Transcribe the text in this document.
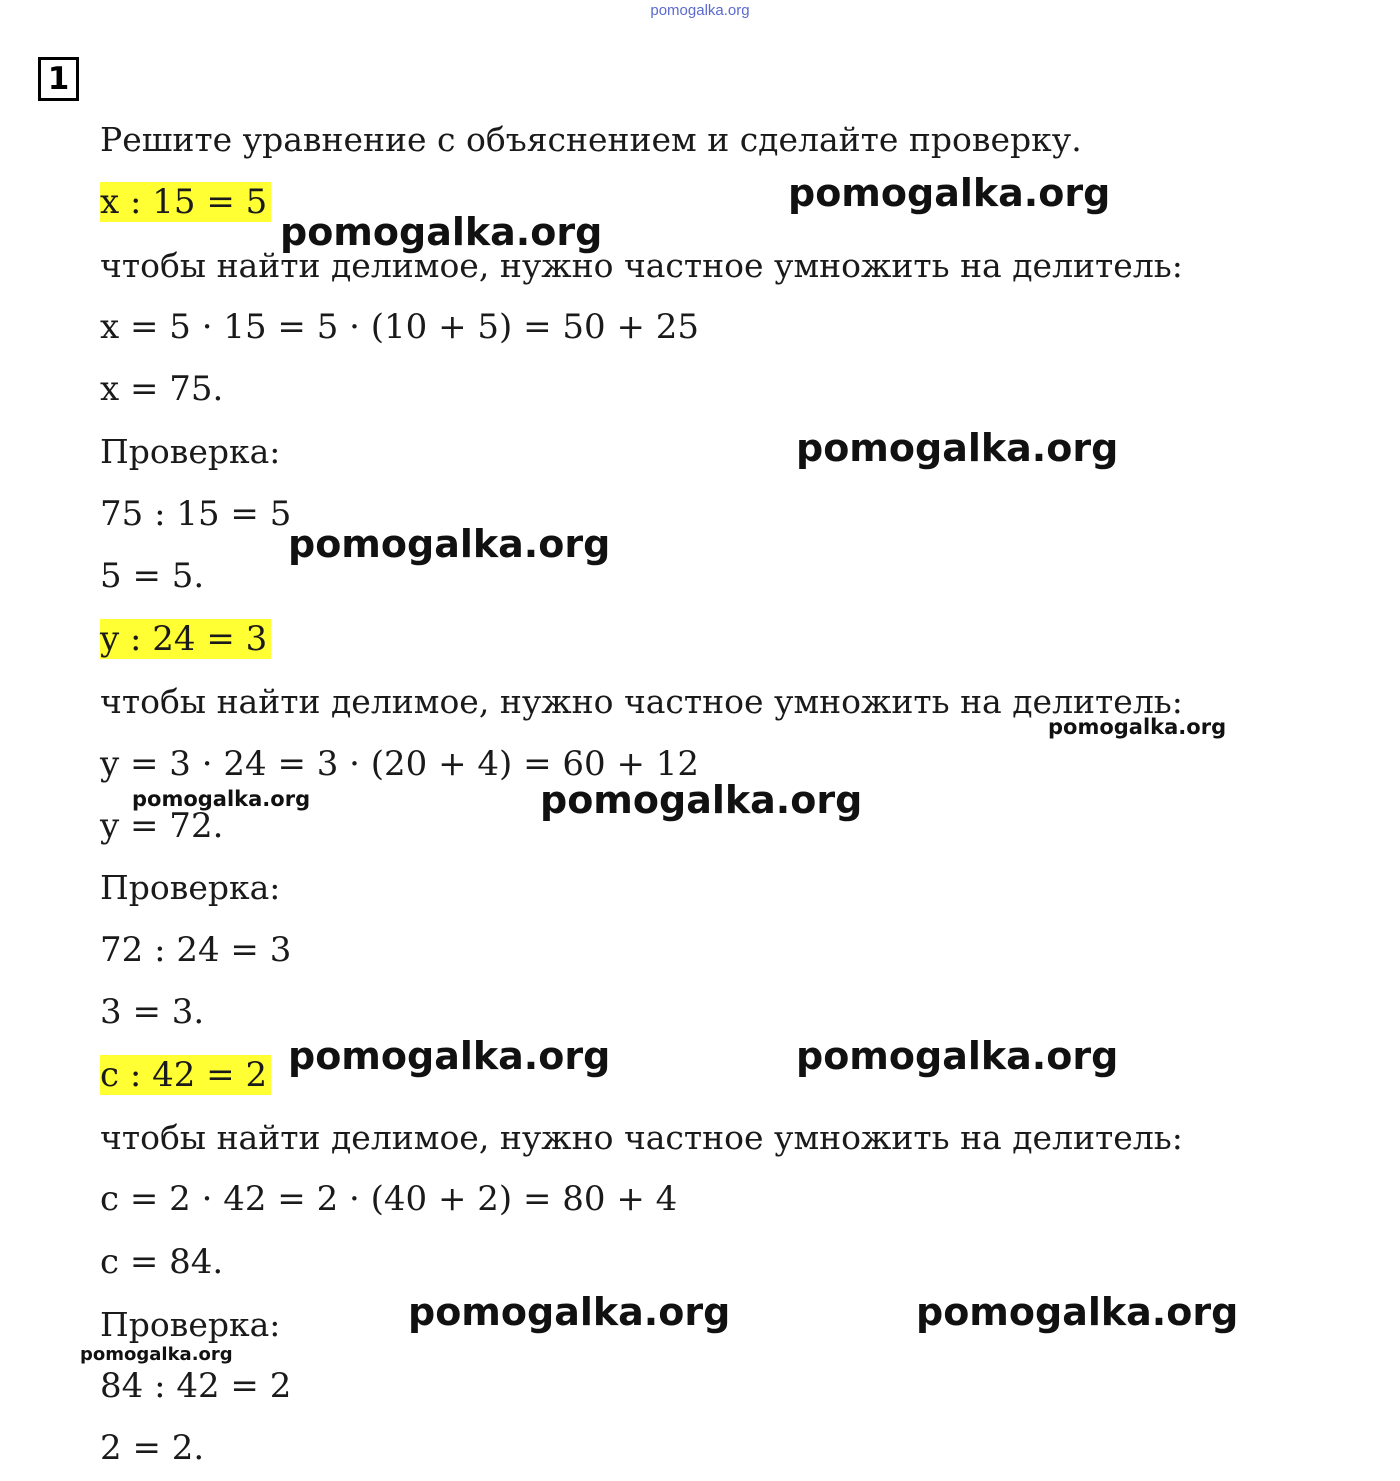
pomogalka.org
1
Решите уравнение с объяснением и сделайте проверку.
x : 15 = 5
чтобы найти делимое, нужно частное умножить на делитель:
x = 5 · 15 = 5 · (10 + 5) = 50 + 25
x = 75.
Проверка:
75 : 15 = 5
5 = 5.
y : 24 = 3
чтобы найти делимое, нужно частное умножить на делитель:
y = 3 · 24 = 3 · (20 + 4) = 60 + 12
y = 72.
Проверка:
72 : 24 = 3
3 = 3.
c : 42 = 2
чтобы найти делимое, нужно частное умножить на делитель:
c = 2 · 42 = 2 · (40 + 2) = 80 + 4
c = 84.
Проверка:
84 : 42 = 2
2 = 2.
pomogalka.org
pomogalka.org
pomogalka.org
pomogalka.org
pomogalka.org
pomogalka.org	pomogalka.org
pomogalka.org	pomogalka.org
pomogalka.org	pomogalka.org
pomogalka.org
